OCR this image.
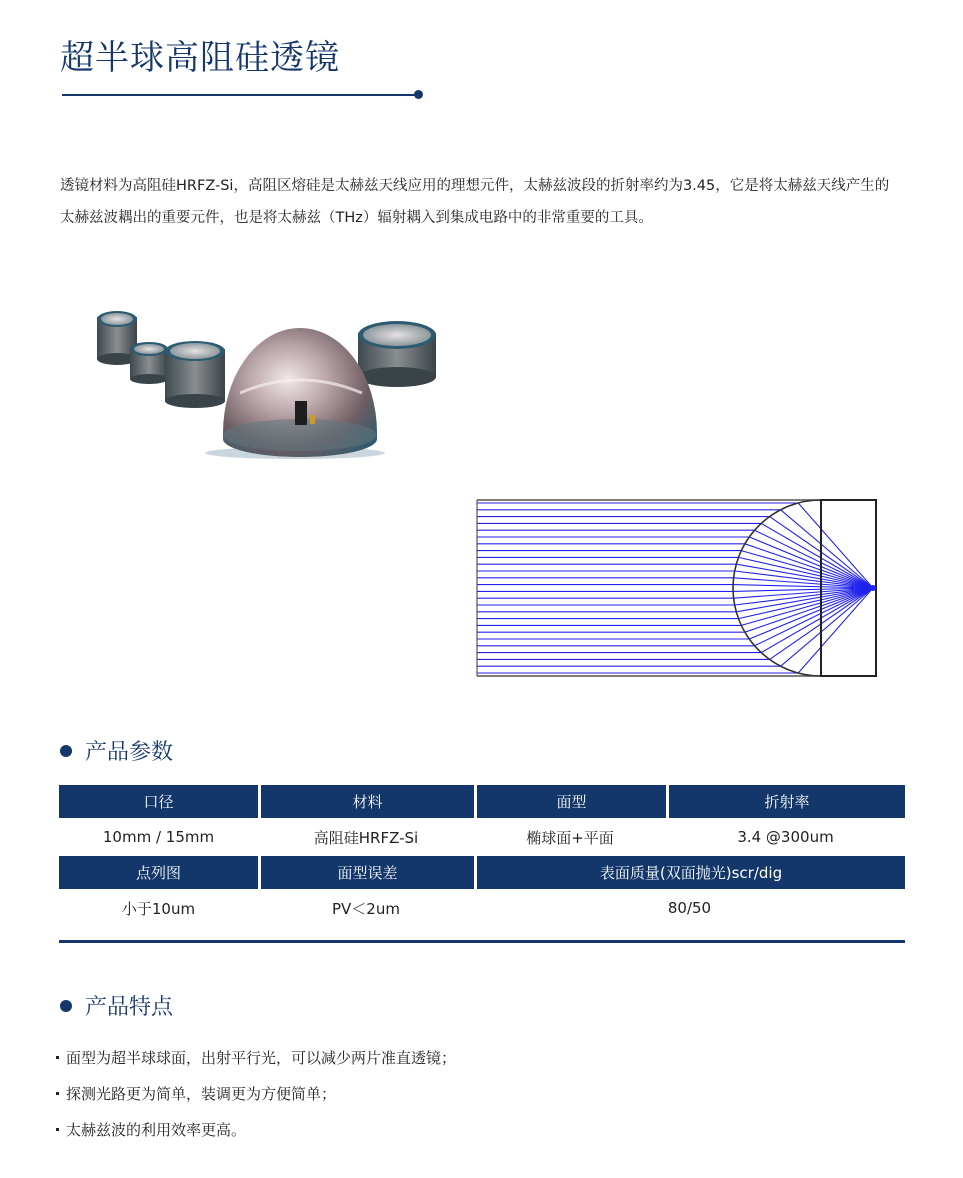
超半球高阻硅透镜

透镜材料为高阻硅HRFZ-Si，高阻区熔硅是太赫兹天线应用的理想元件，太赫兹波段的折射率约为3.45，它是将太赫兹天线产生的太赫兹波耦出的重要元件，也是将太赫兹（THz）辐射耦入到集成电路中的非常重要的工具。

产品参数
口径	材料	面型	折射率
10mm / 15mm	高阻硅HRFZ-Si	椭球面+平面	3.4 @300um
点列图	面型误差	表面质量(双面抛光)scr/dig	
小于10um	PV＜2um	80/50	
产品特点
面型为超半球球面，出射平行光，可以减少两片准直透镜；
探测光路更为简单，装调更为方便简单；
太赫兹波的利用效率更高。
